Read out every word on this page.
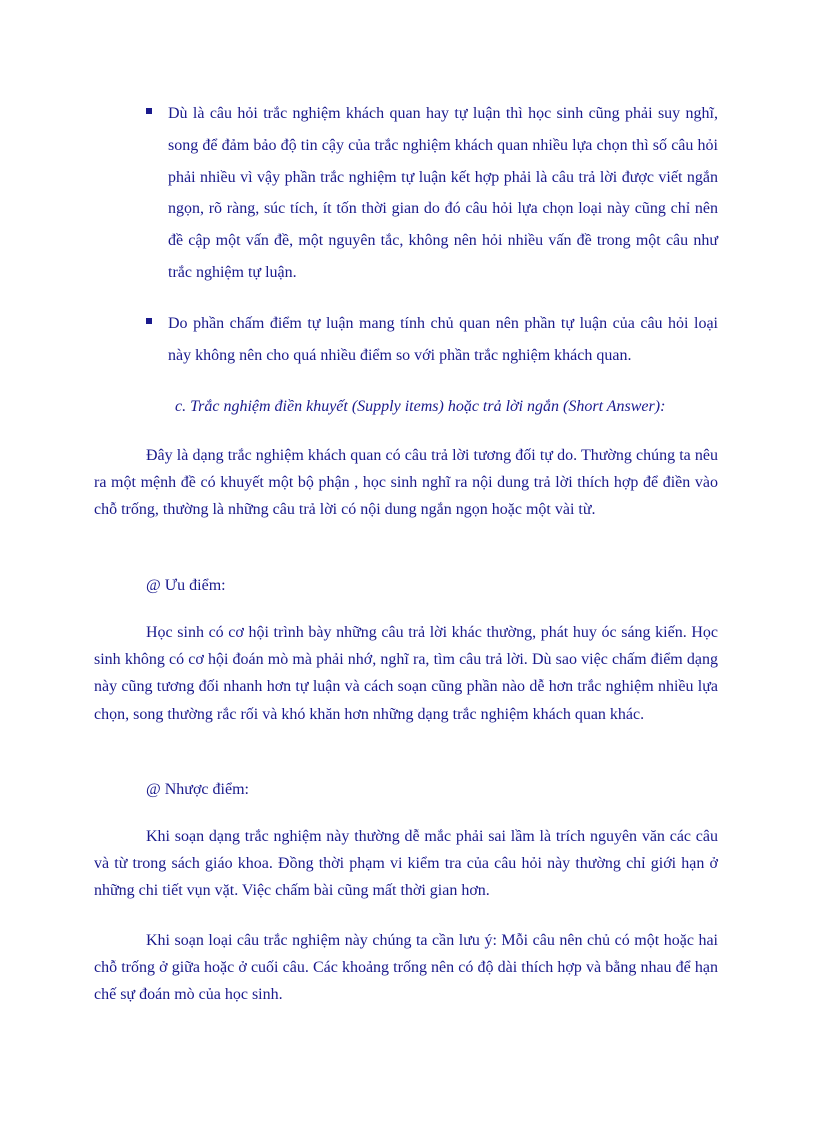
Dù là câu hỏi trắc nghiệm khách quan hay tự luận thì học sinh cũng phải suy nghĩ, song để đảm bảo độ tin cậy của trắc nghiệm khách quan nhiều lựa chọn thì số câu hỏi phải nhiều vì vậy phần trắc nghiệm tự luận kết hợp phải là câu trả lời được viết ngắn ngọn, rõ ràng, súc tích, ít tốn thời gian do đó câu hỏi lựa chọn loại này cũng chỉ nên đề cập một vấn đề, một nguyên tắc, không nên hỏi nhiều vấn đề trong một câu như trắc nghiệm tự luận.
Do phần chấm điểm tự luận mang tính chủ quan nên phần tự luận của câu hỏi loại này không nên cho quá nhiều điểm so với phần trắc nghiệm khách quan.
c. Trắc nghiệm điền khuyết (Supply items) hoặc trả lời ngắn (Short Answer):

Đây là dạng trắc nghiệm khách quan có câu trả lời tương đối tự do. Thường chúng ta nêu ra một mệnh đề có khuyết một bộ phận , học sinh nghĩ ra nội dung trả lời thích hợp để điền vào chỗ trống, thường là những câu trả lời có nội dung ngắn ngọn hoặc một vài từ.

@ Ưu điểm:

Học sinh có cơ hội trình bày những câu trả lời khác thường, phát huy óc sáng kiến. Học sinh không có cơ hội đoán mò mà phải nhớ, nghĩ ra, tìm câu trả lời. Dù sao việc chấm điểm dạng này cũng tương đối nhanh hơn tự luận và cách soạn cũng phần nào dễ hơn trắc nghiệm nhiều lựa chọn, song thường rắc rối và khó khăn hơn những dạng trắc nghiệm khách quan khác.

@ Nhược điểm:

Khi soạn dạng trắc nghiệm này thường dễ mắc phải sai lầm là trích nguyên văn các câu và từ trong sách giáo khoa. Đồng thời phạm vi kiểm tra của câu hỏi này thường chỉ giới hạn ở những chi tiết vụn vặt. Việc chấm bài cũng mất thời gian hơn.

Khi soạn loại câu trắc nghiệm này chúng ta cần lưu ý: Mỗi câu nên chủ có một hoặc hai chỗ trống ở giữa hoặc ở cuối câu. Các khoảng trống nên có độ dài thích hợp và bằng nhau để hạn chế sự đoán mò của học sinh.
